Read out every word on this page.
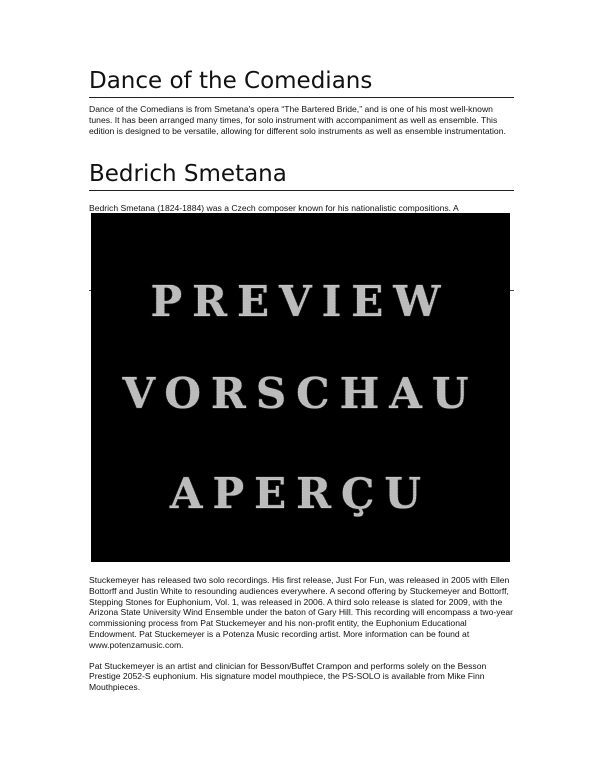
Dance of the Comedians

Dance of the Comedians is from Smetana’s opera “The Bartered Bride,” and is one of his most well-known tunes. It has been arranged many times, for solo instrument with accompaniment as well as ensemble. This edition is designed to be versatile, allowing for different solo instruments as well as ensemble instrumentation.

Bedrich Smetana

Bedrich Smetana (1824-1884) was a Czech composer known for his nationalistic compositions. A

PREVIEW
VORSCHAU
APERÇU

Stuckemeyer has released two solo recordings. His first release, Just For Fun, was released in 2005 with Ellen Bottorff and Justin White to resounding audiences everywhere. A second offering by Stuckemeyer and Bottorff, Stepping Stones for Euphonium, Vol. 1, was released in 2006. A third solo release is slated for 2009, with the Arizona State University Wind Ensemble under the baton of Gary Hill. This recording will encompass a two-year commissioning process from Pat Stuckemeyer and his non-profit entity, the Euphonium Educational Endowment. Pat Stuckemeyer is a Potenza Music recording artist. More information can be found at www.potenzamusic.com.

Pat Stuckemeyer is an artist and clinician for Besson/Buffet Crampon and performs solely on the Besson Prestige 2052-S euphonium. His signature model mouthpiece, the PS-SOLO is available from Mike Finn Mouthpieces.
